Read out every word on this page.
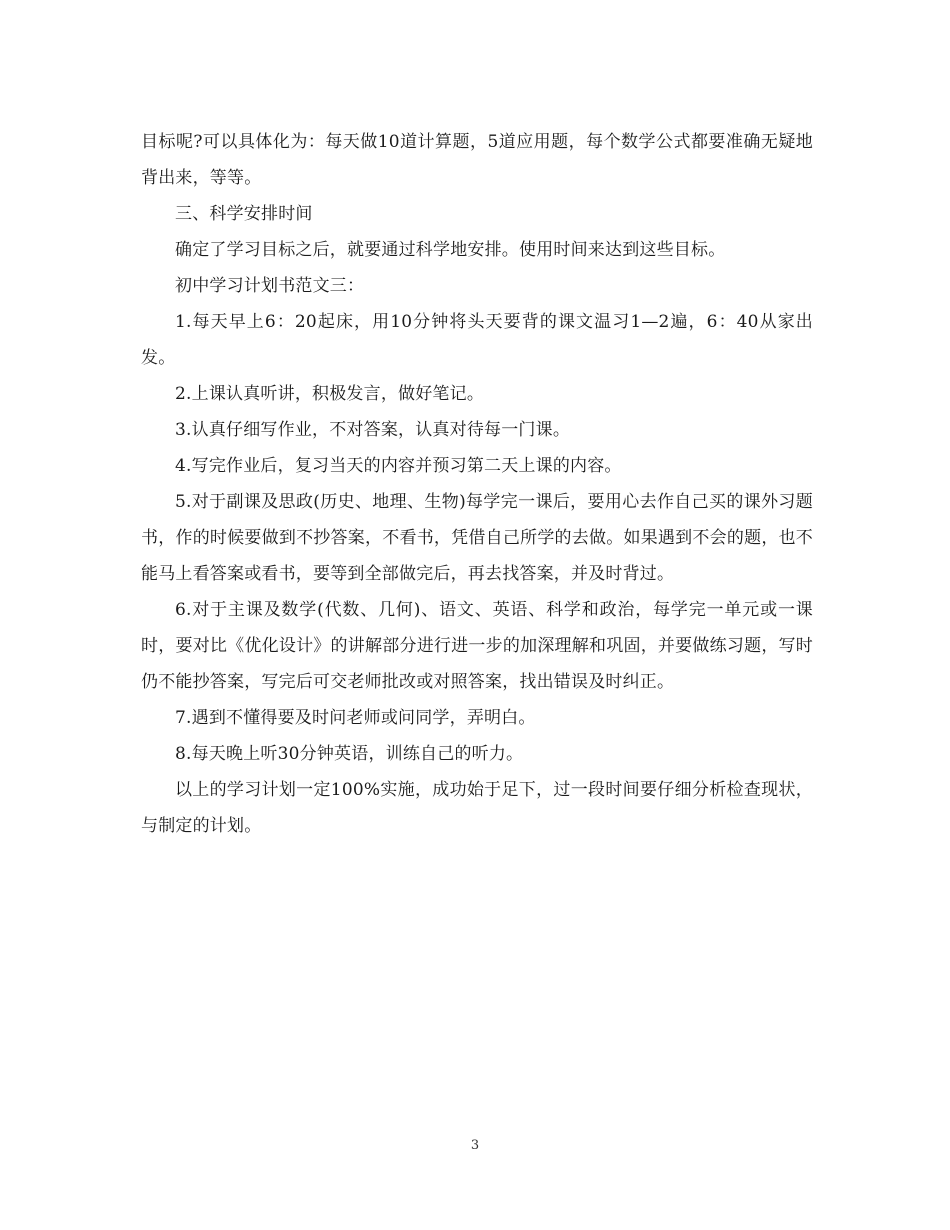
目标呢?可以具体化为：每天做10道计算题，5道应用题，每个数学公式都要准确无疑地背出来，等等。

三、科学安排时间

确定了学习目标之后，就要通过科学地安排。使用时间来达到这些目标。

初中学习计划书范文三：

1.每天早上6：20起床，用10分钟将头天要背的课文温习1—2遍，6：40从家出发。

2.上课认真听讲，积极发言，做好笔记。

3.认真仔细写作业，不对答案，认真对待每一门课。

4.写完作业后，复习当天的内容并预习第二天上课的内容。

5.对于副课及思政(历史、地理、生物)每学完一课后，要用心去作自己买的课外习题书，作的时候要做到不抄答案，不看书，凭借自己所学的去做。如果遇到不会的题，也不能马上看答案或看书，要等到全部做完后，再去找答案，并及时背过。

6.对于主课及数学(代数、几何)、语文、英语、科学和政治，每学完一单元或一课时，要对比《优化设计》的讲解部分进行进一步的加深理解和巩固，并要做练习题，写时仍不能抄答案，写完后可交老师批改或对照答案，找出错误及时纠正。

7.遇到不懂得要及时问老师或问同学，弄明白。

8.每天晚上听30分钟英语，训练自己的听力。

以上的学习计划一定100%实施，成功始于足下，过一段时间要仔细分析检查现状，与制定的计划。

3
